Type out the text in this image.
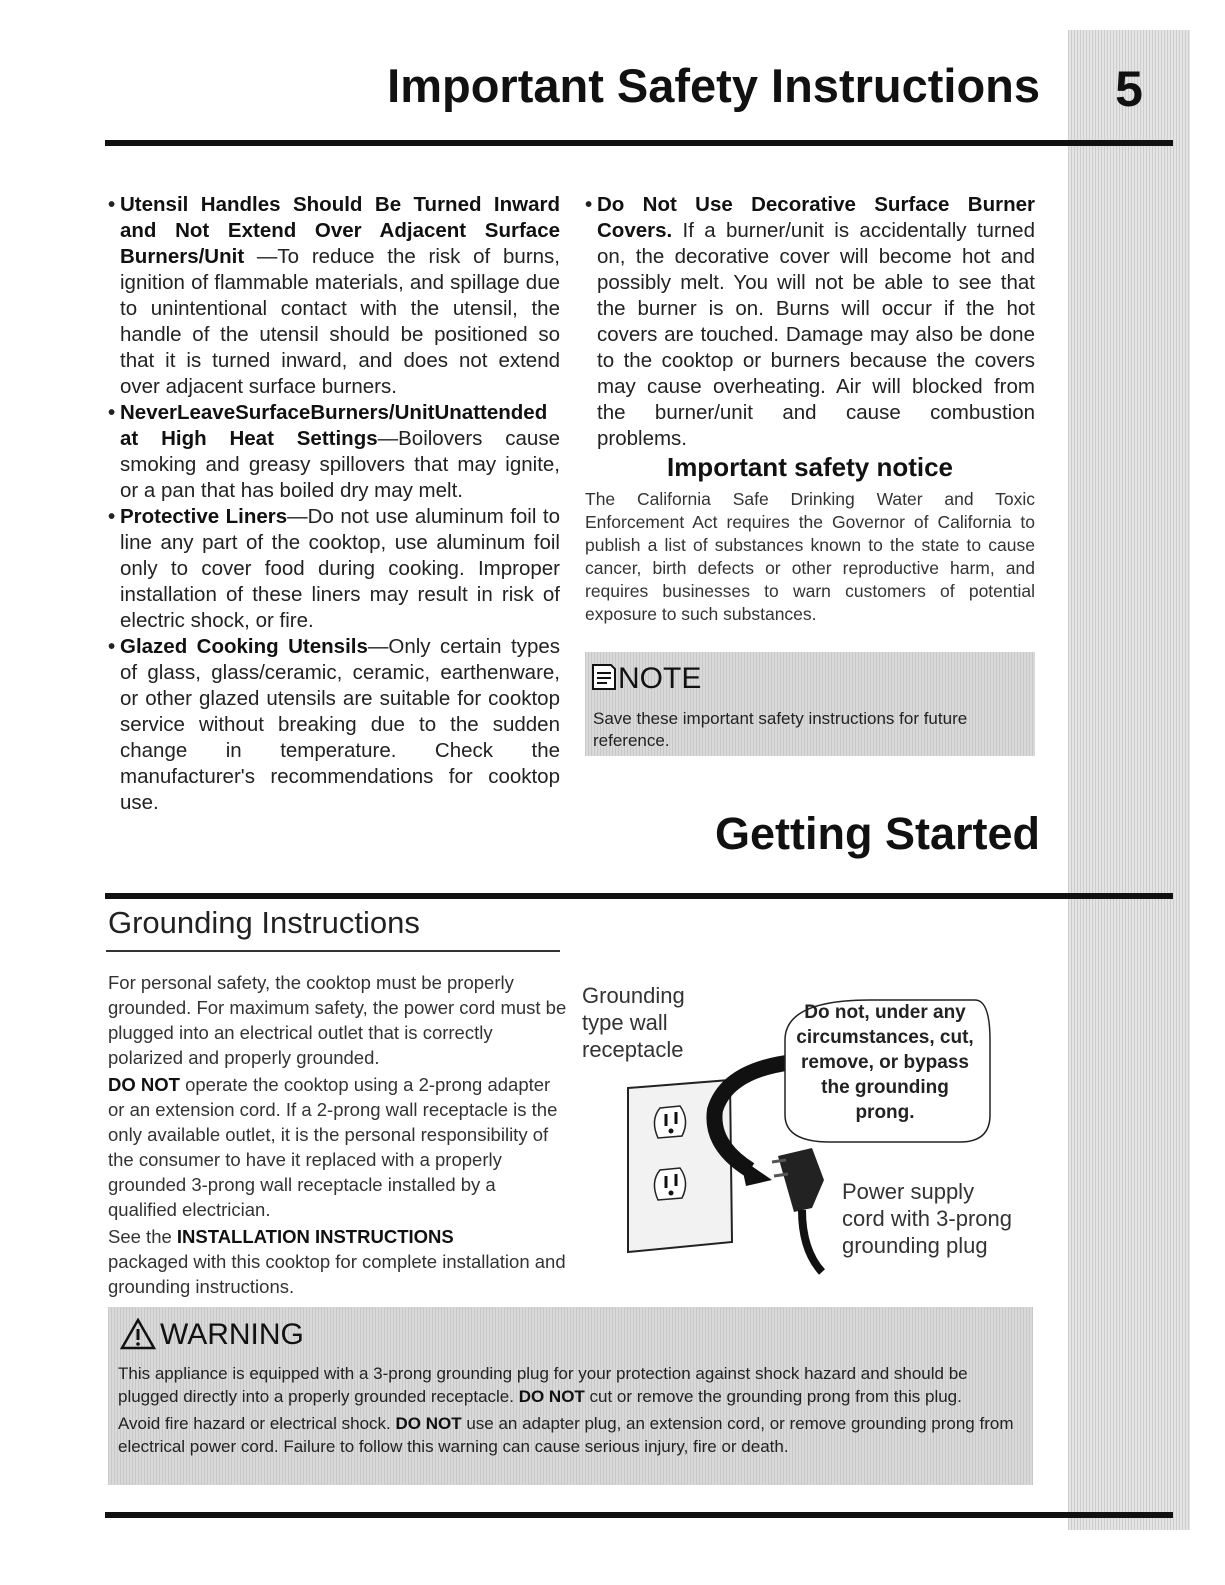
5
Important Safety Instructions
• Utensil Handles Should Be Turned Inward and Not Extend Over Adjacent Surface Burners/Unit —To reduce the risk of burns, ignition of flammable materials, and spillage due to unintentional contact with the utensil, the handle of the utensil should be positioned so that it is turned inward, and does not extend over adjacent surface burners.
• NeverLeaveSurfaceBurners/UnitUnattended at High Heat Settings—Boilovers cause smoking and greasy spillovers that may ignite, or a pan that has boiled dry may melt.
• Protective Liners—Do not use aluminum foil to line any part of the cooktop, use aluminum foil only to cover food during cooking. Improper installation of these liners may result in risk of electric shock, or fire.
• Glazed Cooking Utensils—Only certain types of glass, glass/ceramic, ceramic, earthenware, or other glazed utensils are suitable for cooktop service without breaking due to the sudden change in temperature. Check the manufacturer's recommendations for cooktop use.
• Do Not Use Decorative Surface Burner Covers. If a burner/unit is accidentally turned on, the decorative cover will become hot and possibly melt. You will not be able to see that the burner is on. Burns will occur if the hot covers are touched. Damage may also be done to the cooktop or burners because the covers may cause overheating. Air will blocked from the burner/unit and cause combustion problems.
Important safety notice
The California Safe Drinking Water and Toxic Enforcement Act requires the Governor of California to publish a list of substances known to the state to cause cancer, birth defects or other reproductive harm, and requires businesses to warn customers of potential exposure to such substances.
NOTE
Save these important safety instructions for future reference.
Getting Started
Grounding Instructions

For personal safety, the cooktop must be properly grounded. For maximum safety, the power cord must be plugged into an electrical outlet that is correctly polarized and properly grounded.

DO NOT operate the cooktop using a 2-prong adapter or an extension cord. If a 2-prong wall receptacle is the only available outlet, it is the personal responsibility of the consumer to have it replaced with a properly grounded 3-prong wall receptacle installed by a qualified electrician.

See the INSTALLATION INSTRUCTIONS
packaged with this cooktop for complete installation and grounding instructions.

Grounding
type wall
receptacle
Power supply
cord with 3-prong
grounding plug
Do not, under any circumstances, cut, remove, or bypass the grounding prong.
WARNING

This appliance is equipped with a 3-prong grounding plug for your protection against shock hazard and should be plugged directly into a properly grounded receptacle. DO NOT cut or remove the grounding prong from this plug.

Avoid fire hazard or electrical shock. DO NOT use an adapter plug, an extension cord, or remove grounding prong from electrical power cord. Failure to follow this warning can cause serious injury, fire or death.
